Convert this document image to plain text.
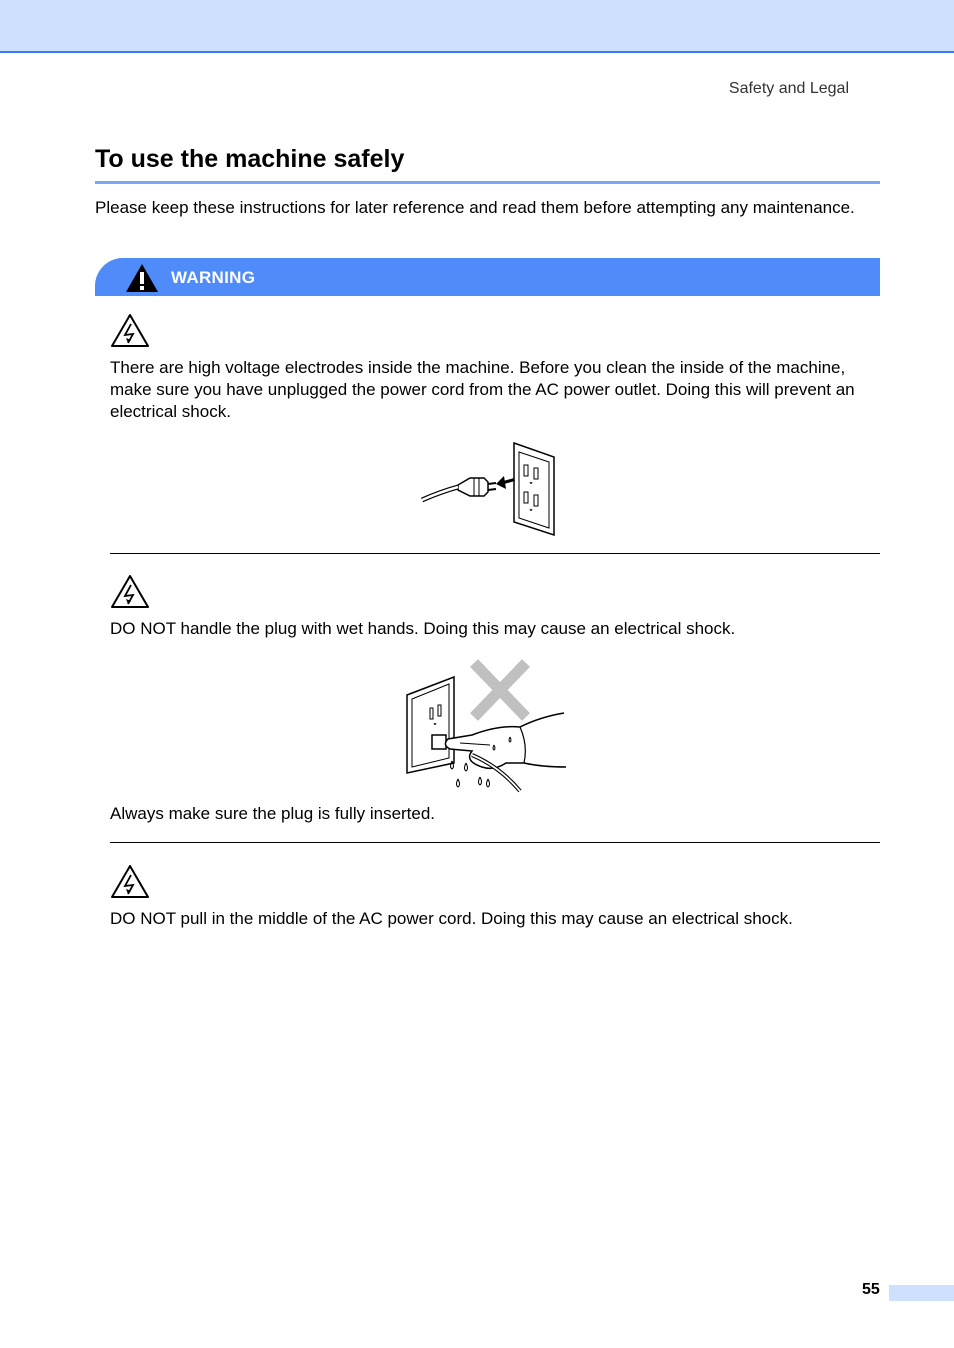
Safety and Legal
To use the machine safely

Please keep these instructions for later reference and read them before attempting any maintenance.

WARNING

There are high voltage electrodes inside the machine. Before you clean the inside of the machine, make sure you have unplugged the power cord from the AC power outlet. Doing this will prevent an electrical shock.

DO NOT handle the plug with wet hands. Doing this may cause an electrical shock.

Always make sure the plug is fully inserted.

DO NOT pull in the middle of the AC power cord. Doing this may cause an electrical shock.

55
